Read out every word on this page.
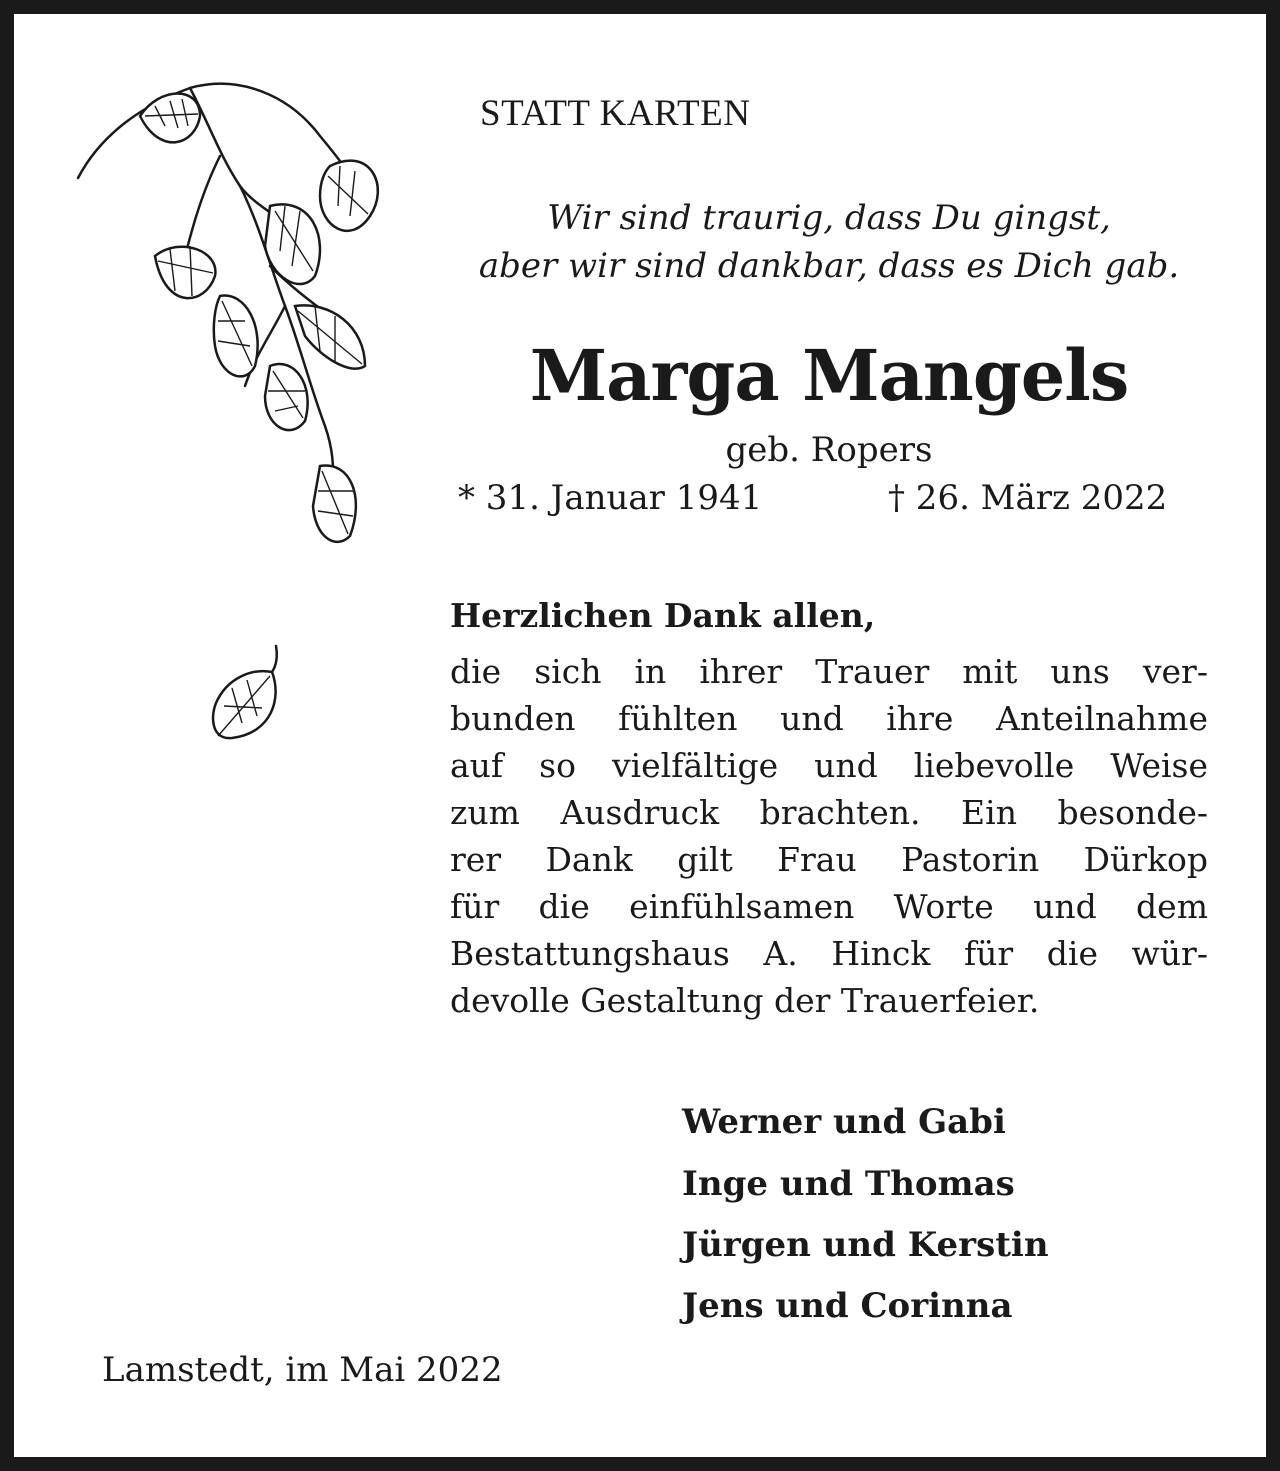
STATT KARTEN
Wir sind traurig, dass Du gingst,
aber wir sind dankbar, dass es Dich gab.
Marga Mangels
geb. Ropers
* 31. Januar 1941	† 26. März 2022
Herzlichen Dank allen,
die sich in ihrer Trauer mit uns ver-
bunden fühlten und ihre Anteilnahme
auf so vielfältige und liebevolle Weise
zum Ausdruck brachten. Ein besonde-
rer Dank gilt Frau Pastorin Dürkop
für die einfühlsamen Worte und dem
Bestattungshaus A. Hinck für die wür-
devolle Gestaltung der Trauerfeier.
Werner und Gabi
Inge und Thomas
Jürgen und Kerstin
Jens und Corinna
Lamstedt, im Mai 2022
